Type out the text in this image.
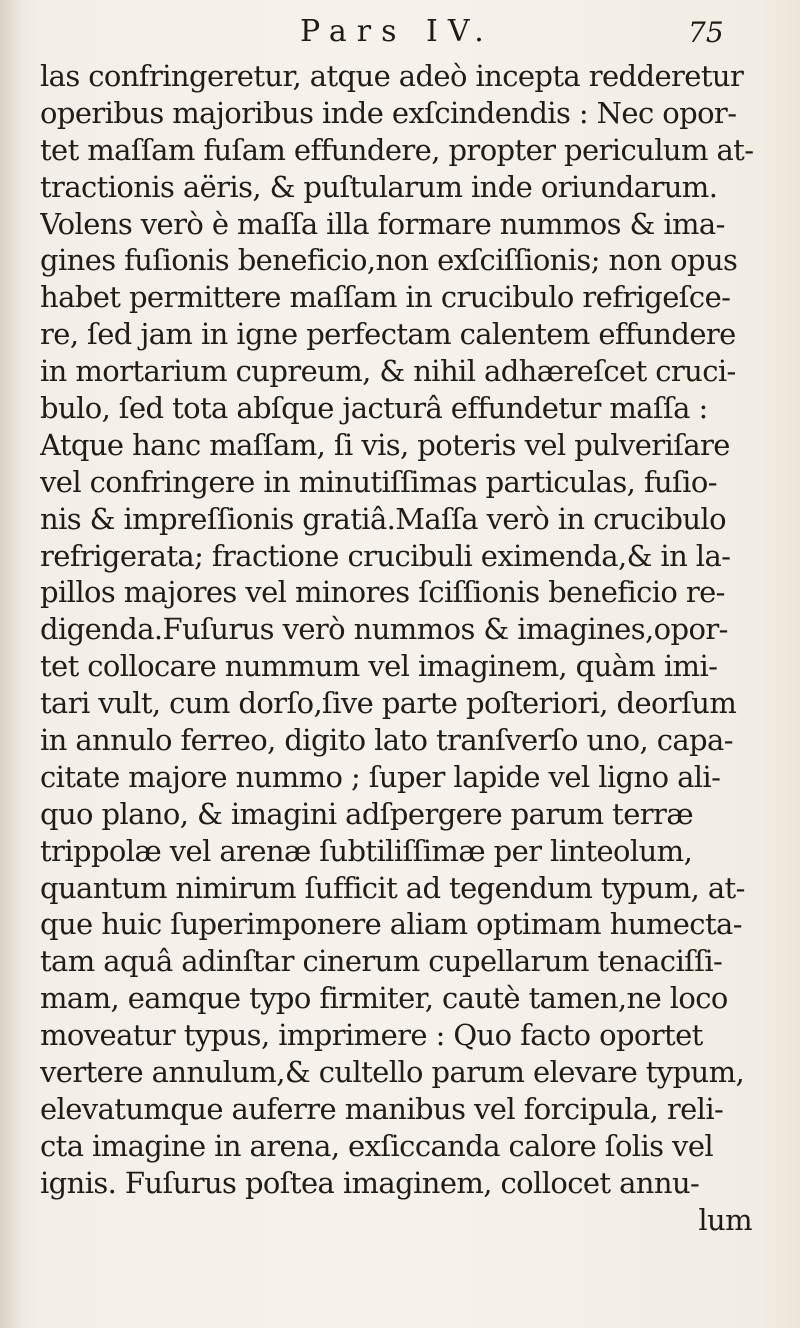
Pars IV.	75
las confringeretur, atque adeò incepta redderetur
operibus majoribus inde exſcindendis : Nec opor-
tet maſſam fuſam effundere, propter periculum at-
tractionis aëris, & puſtularum inde oriundarum.
Volens verò è maſſa illa formare nummos & ima-
gines fuſionis beneficio,non exſciſſionis; non opus
habet permittere maſſam in crucibulo refrigeſce-
re, ſed jam in igne perfectam calentem effundere
in mortarium cupreum, & nihil adhæreſcet cruci-
bulo, ſed tota abſque jacturâ effundetur maſſa :
Atque hanc maſſam, ſi vis, poteris vel pulveriſare
vel confringere in minutiſſimas particulas, fuſio-
nis & impreſſionis gratiâ.Maſſa verò in crucibulo
refrigerata; fractione crucibuli eximenda,& in la-
pillos majores vel minores ſciſſionis beneficio re-
digenda.Fuſurus verò nummos & imagines,opor-
tet collocare nummum vel imaginem, quàm imi-
tari vult, cum dorſo,ſive parte poſteriori, deorſum
in annulo ferreo, digito lato tranſverſo uno, capa-
citate majore nummo ; ſuper lapide vel ligno ali-
quo plano, & imagini adſpergere parum terræ
trippolæ vel arenæ ſubtiliſſimæ per linteolum,
quantum nimirum ſufficit ad tegendum typum, at-
que huic ſuperimponere aliam optimam humecta-
tam aquâ adinſtar cinerum cupellarum tenaciſſi-
mam, eamque typo firmiter, cautè tamen,ne loco
moveatur typus, imprimere : Quo facto oportet
vertere annulum,& cultello parum elevare typum,
elevatumque auferre manibus vel forcipula, reli-
cta imagine in arena, exſiccanda calore ſolis vel
ignis. Fuſurus poſtea imaginem, collocet annu-
lum
